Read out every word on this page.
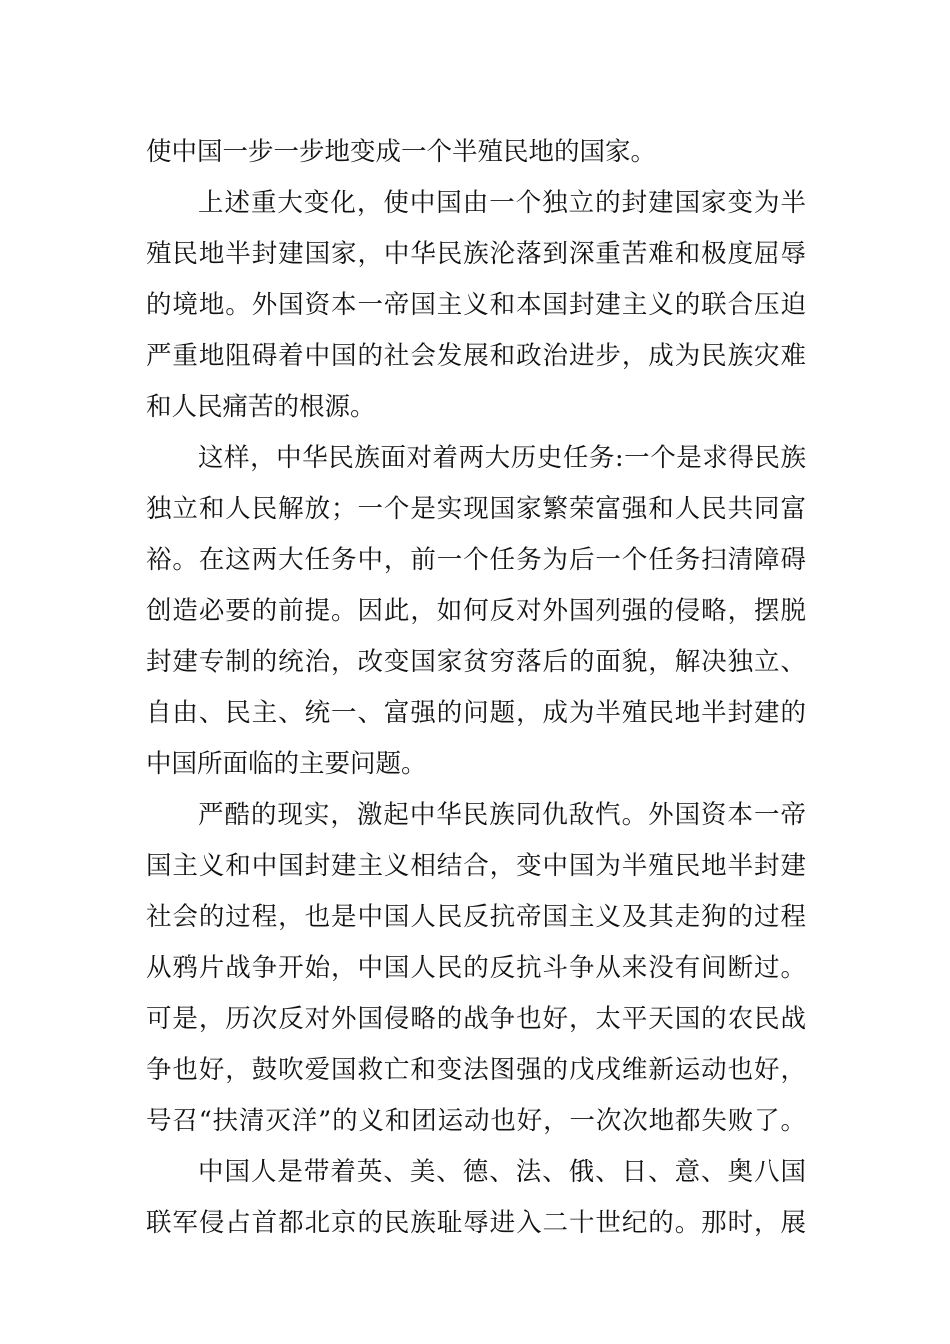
使中国一步一步地变成一个半殖民地的国家。
上述重大变化，使中国由一个独立的封建国家变为半
殖民地半封建国家，中华民族沦落到深重苦难和极度屈辱
的境地。外国资本一帝国主义和本国封建主义的联合压迫
严重地阻碍着中国的社会发展和政治进步，成为民族灾难
和人民痛苦的根源。
这样，中华民族面对着两大历史任务:一个是求得民族
独立和人民解放；一个是实现国家繁荣富强和人民共同富
裕。在这两大任务中，前一个任务为后一个任务扫清障碍
创造必要的前提。因此，如何反对外国列强的侵略，摆脱
封建专制的统治，改变国家贫穷落后的面貌，解决独立、
自由、民主、统一、富强的问题，成为半殖民地半封建的
中国所面临的主要问题。
严酷的现实，激起中华民族同仇敌忾。外国资本一帝
国主义和中国封建主义相结合，变中国为半殖民地半封建
社会的过程，也是中国人民反抗帝国主义及其走狗的过程
从鸦片战争开始，中国人民的反抗斗争从来没有间断过。
可是，历次反对外国侵略的战争也好，太平天国的农民战
争也好，鼓吹爱国救亡和变法图强的戊戌维新运动也好，
号召“扶清灭洋”的义和团运动也好，一次次地都失败了。
中国人是带着英、美、德、法、俄、日、意、奥八国
联军侵占首都北京的民族耻辱进入二十世纪的。那时，展
